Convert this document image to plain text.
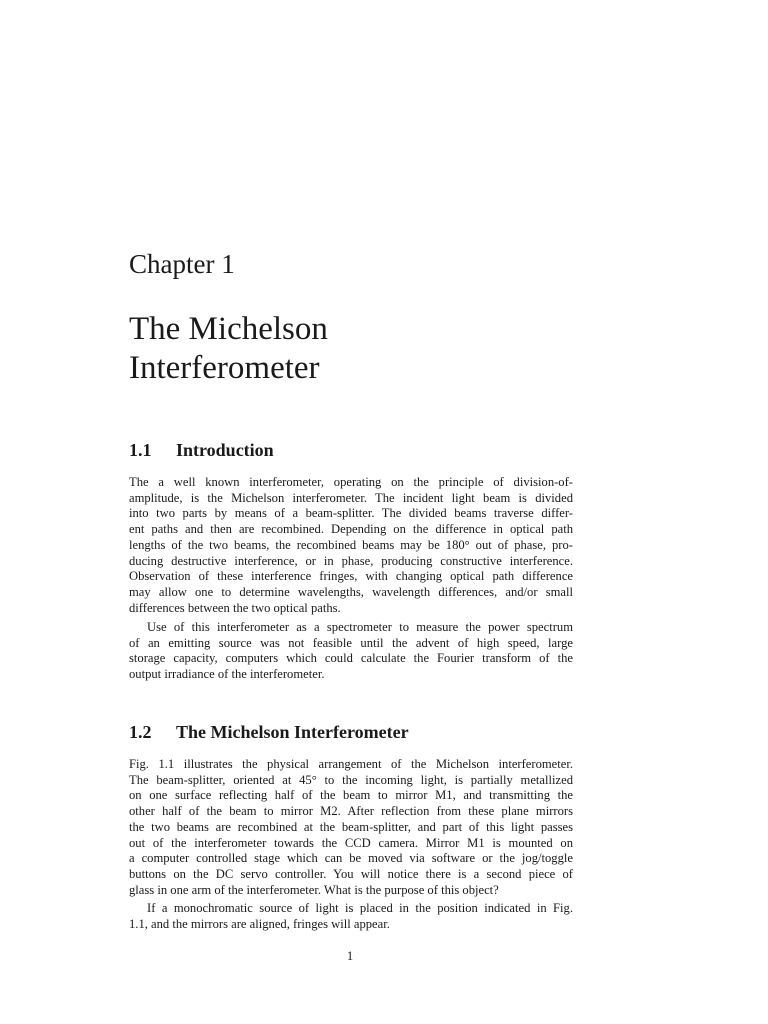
Chapter 1
The Michelson
Interferometer
1.1 Introduction
The a well known interferometer, operating on the principle of division-of-
amplitude, is the Michelson interferometer. The incident light beam is divided
into two parts by means of a beam-splitter. The divided beams traverse differ-
ent paths and then are recombined. Depending on the difference in optical path
lengths of the two beams, the recombined beams may be 180° out of phase, pro-
ducing destructive interference, or in phase, producing constructive interference.
Observation of these interference fringes, with changing optical path difference
may allow one to determine wavelengths, wavelength differences, and/or small
differences between the two optical paths.
Use of this interferometer as a spectrometer to measure the power spectrum
of an emitting source was not feasible until the advent of high speed, large
storage capacity, computers which could calculate the Fourier transform of the
output irradiance of the interferometer.
1.2 The Michelson Interferometer
Fig. 1.1 illustrates the physical arrangement of the Michelson interferometer.
The beam-splitter, oriented at 45° to the incoming light, is partially metallized
on one surface reflecting half of the beam to mirror M1, and transmitting the
other half of the beam to mirror M2. After reflection from these plane mirrors
the two beams are recombined at the beam-splitter, and part of this light passes
out of the interferometer towards the CCD camera. Mirror M1 is mounted on
a computer controlled stage which can be moved via software or the jog/toggle
buttons on the DC servo controller. You will notice there is a second piece of
glass in one arm of the interferometer. What is the purpose of this object?
If a monochromatic source of light is placed in the position indicated in Fig.
1.1, and the mirrors are aligned, fringes will appear.

1
